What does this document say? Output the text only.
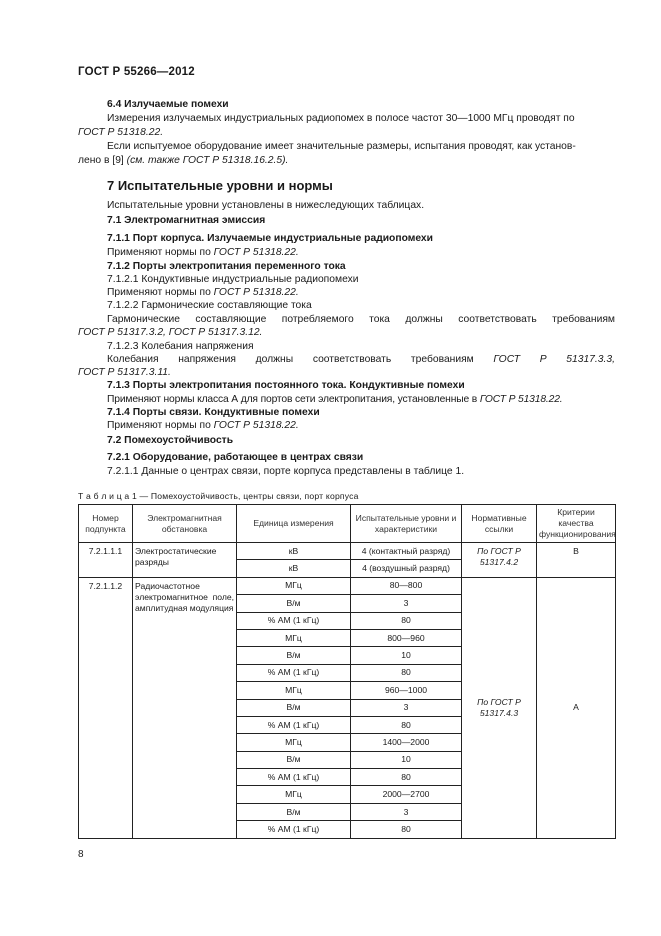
ГОСТ Р 55266—2012
6.4 Излучаемые помехи
Измерения излучаемых индустриальных радиопомех в полосе частот 30—1000 МГц проводят по
ГОСТ Р 51318.22.
Если испытуемое оборудование имеет значительные размеры, испытания проводят, как установ-
лено в [9] (см. также ГОСТ Р 51318.16.2.5).
7 Испытательные уровни и нормы
Испытательные уровни установлены в нижеследующих таблицах.
7.1 Электромагнитная эмиссия
7.1.1 Порт корпуса. Излучаемые индустриальные радиопомехи
Применяют нормы по ГОСТ Р 51318.22.
7.1.2 Порты электропитания переменного тока
7.1.2.1 Кондуктивные индустриальные радиопомехи
Применяют нормы по ГОСТ Р 51318.22.
7.1.2.2 Гармонические составляющие тока
Гармонические составляющие потребляемого тока должны соответствовать требованиям
ГОСТ Р 51317.3.2, ГОСТ Р 51317.3.12.
7.1.2.3 Колебания напряжения
Колебания напряжения должны соответствовать требованиям ГОСТ Р 51317.3.3,
ГОСТ Р 51317.3.11.
7.1.3 Порты электропитания постоянного тока. Кондуктивные помехи
Применяют нормы класса А для портов сети электропитания, установленные в ГОСТ Р 51318.22.
7.1.4 Порты связи. Кондуктивные помехи
Применяют нормы по ГОСТ Р 51318.22.
7.2 Помехоустойчивость
7.2.1 Оборудование, работающее в центрах связи
7.2.1.1 Данные о центрах связи, порте корпуса представлены в таблице 1.
Т а б л и ц а 1 — Помехоустойчивость, центры связи, порт корпуса
Номер подпункта	Электромагнитная обстановка	Единица измерения	Испытательные уровни и характеристики	Нормативные ссылки	Критерии качества функционирования
7.2.1.1.1	Электростатические разряды	кВ	4 (контактный разряд)	По ГОСТ Р 51317.4.2	В
		кВ	4 (воздушный разряд)		
7.2.1.1.2	Радиочастотное электромагнитное поле, амплитудная модуляция	МГц	80—800	По ГОСТ Р 51317.4.3	А
		В/м	3		
		% АМ (1 кГц)	80		
		МГц	800—960		
		В/м	10		
		% АМ (1 кГц)	80		
		МГц	960—1000		
		В/м	3		
		% АМ (1 кГц)	80		
		МГц	1400—2000		
		В/м	10		
		% АМ (1 кГц)	80		
		МГц	2000—2700		
		В/м	3		
		% АМ (1 кГц)	80		
8
